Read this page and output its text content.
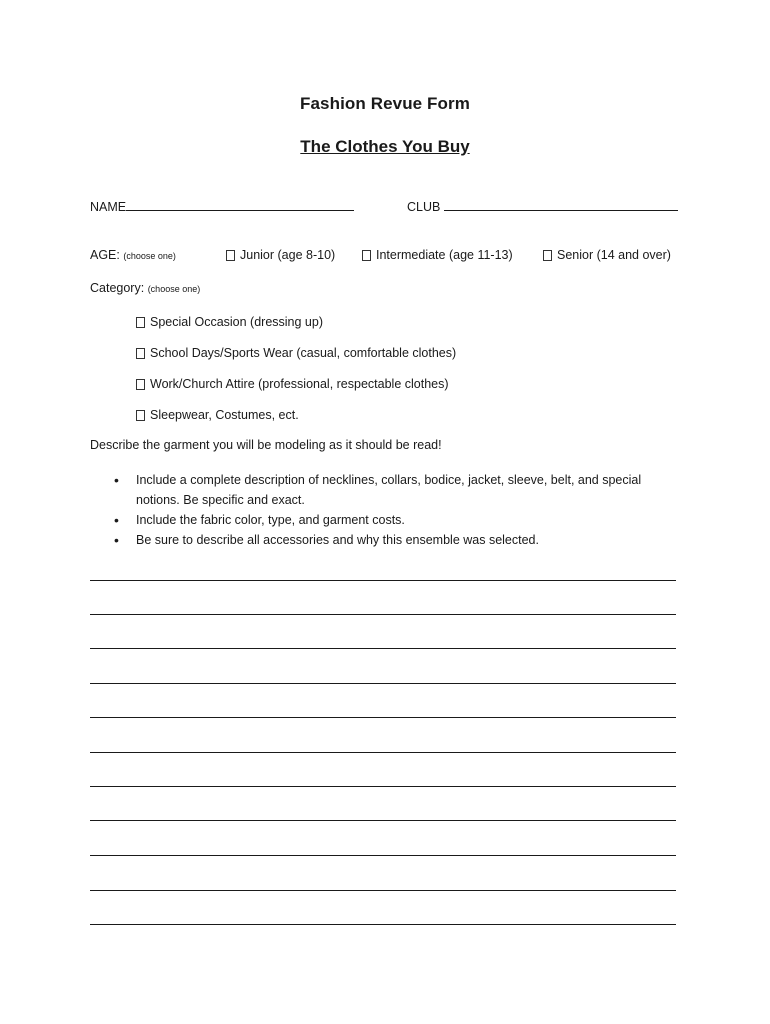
Fashion Revue Form
The Clothes You Buy
NAME	CLUB
AGE: (choose one)	Junior (age 8-10)	Intermediate (age 11-13)	Senior (14 and over)
Category: (choose one)
Special Occasion (dressing up)
School Days/Sports Wear (casual, comfortable clothes)
Work/Church Attire (professional, respectable clothes)
Sleepwear, Costumes, ect.
Describe the garment you will be modeling as it should be read!
• Include a complete description of necklines, collars, bodice, jacket, sleeve, belt, and special notions. Be specific and exact.
• Include the fabric color, type, and garment costs.
• Be sure to describe all accessories and why this ensemble was selected.
